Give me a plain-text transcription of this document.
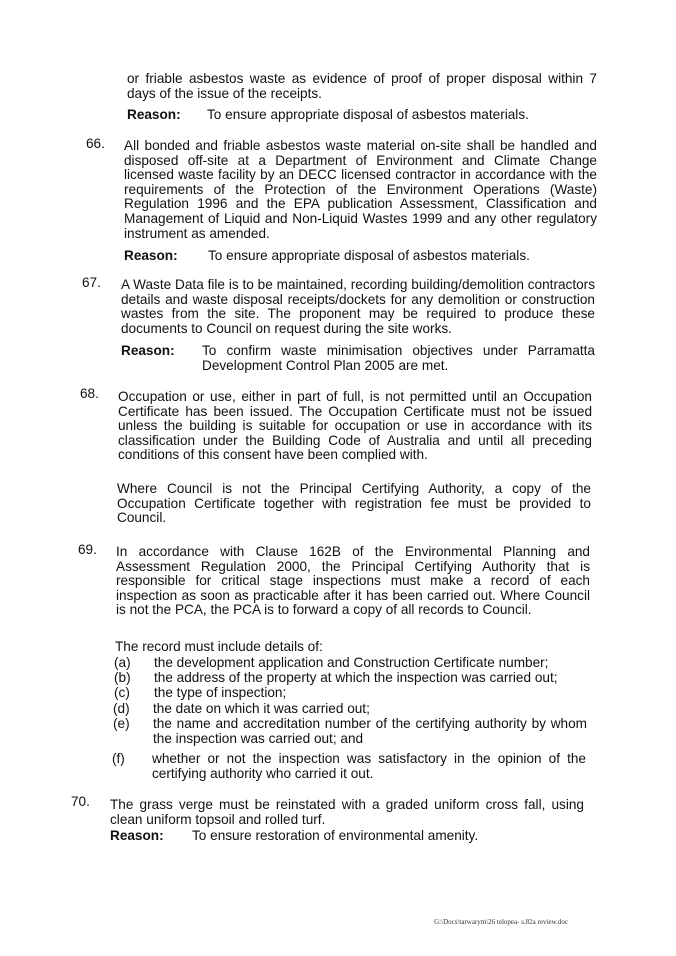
or friable asbestos waste as evidence of proof of proper disposal within 7 days of the issue of the receipts.
Reason: To ensure appropriate disposal of asbestos materials.
66. All bonded and friable asbestos waste material on-site shall be handled and disposed off-site at a Department of Environment and Climate Change licensed waste facility by an DECC licensed contractor in accordance with the requirements of the Protection of the Environment Operations (Waste) Regulation 1996 and the EPA publication Assessment, Classification and Management of Liquid and Non-Liquid Wastes 1999 and any other regulatory instrument as amended.
Reason: To ensure appropriate disposal of asbestos materials.
67. A Waste Data file is to be maintained, recording building/demolition contractors details and waste disposal receipts/dockets for any demolition or construction wastes from the site. The proponent may be required to produce these documents to Council on request during the site works.
Reason: To confirm waste minimisation objectives under Parramatta Development Control Plan 2005 are met.
68. Occupation or use, either in part of full, is not permitted until an Occupation Certificate has been issued. The Occupation Certificate must not be issued unless the building is suitable for occupation or use in accordance with its classification under the Building Code of Australia and until all preceding conditions of this consent have been complied with.
Where Council is not the Principal Certifying Authority, a copy of the Occupation Certificate together with registration fee must be provided to Council.
69. In accordance with Clause 162B of the Environmental Planning and Assessment Regulation 2000, the Principal Certifying Authority that is responsible for critical stage inspections must make a record of each inspection as soon as practicable after it has been carried out. Where Council is not the PCA, the PCA is to forward a copy of all records to Council.
The record must include details of:
(a) the development application and Construction Certificate number;
(b) the address of the property at which the inspection was carried out;
(c) the type of inspection;
(d) the date on which it was carried out;
(e) the name and accreditation number of the certifying authority by whom the inspection was carried out; and
(f) whether or not the inspection was satisfactory in the opinion of the certifying authority who carried it out.
70. The grass verge must be reinstated with a graded uniform cross fall, using clean uniform topsoil and rolled turf.
Reason: To ensure restoration of environmental amenity.
G:\Docs\tarwarym\26 telopea- s.82a review.doc
